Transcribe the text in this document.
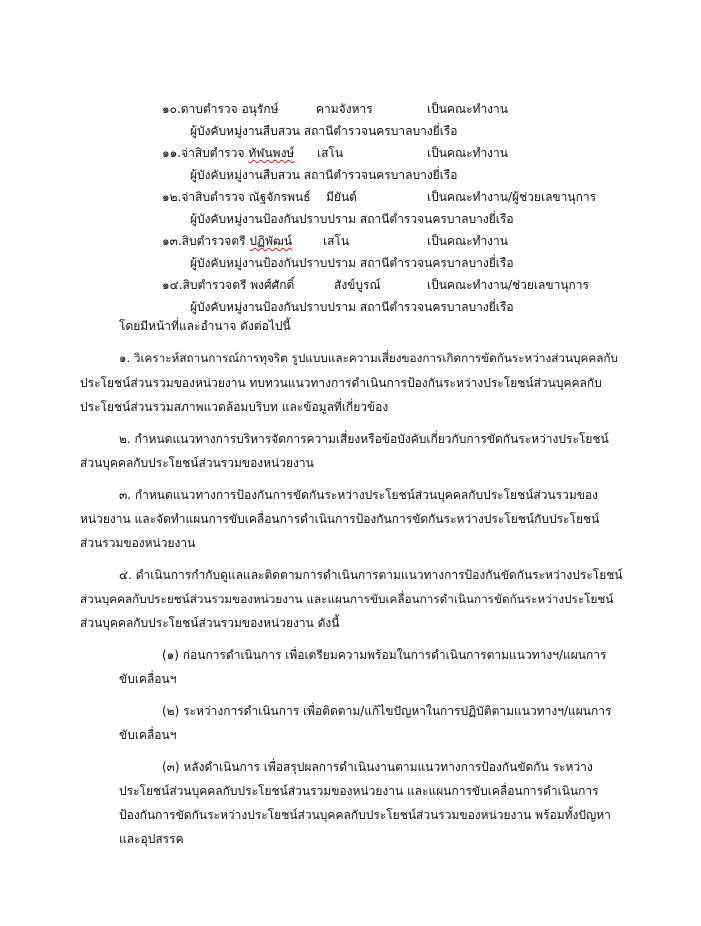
๑๐.ดาบตำรวจ อนุรักษ์	คามจังหาร	เป็นคณะทำงาน
ผู้บังคับหมู่งานสืบสวน สถานีตำรวจนครบาลบางยี่เรือ
๑๑.จ่าสิบตำรวจ ทัฬนพงษ์ เสโน	เป็นคณะทำงาน
ผู้บังคับหมู่งานสืบสวน สถานีตำรวจนครบาลบางยี่เรือ
๑๒.จ่าสิบตำรวจ ณัฐจักรพนธ์ มียันต์	เป็นคณะทำงาน/ผู้ช่วยเลขานุการ
ผู้บังคับหมู่งานป้องกันปราบปราม สถานีตำรวจนครบาลบางยี่เรือ
๑๓.สิบตำรวจตรี ปฏิพัฒน์	เสโน	เป็นคณะทำงาน
ผู้บังคับหมู่งานป้องกันปราบปราม สถานีตำรวจนครบาลบางยี่เรือ
๑๔.สิบตำรวจตรี พงศ์ศักดิ์	สังข์บูรณ์	เป็นคณะทำงาน/ช่วยเลขานุการ
ผู้บังคับหมู่งานป้องกันปราบปราม สถานีตำรวจนครบาลบางยี่เรือ
โดยมีหน้าที่และอำนาจ ดังต่อไปนี้
๑. วิเคราะห์สถานการณ์การทุจริต รูปแบบและความเสี่ยงของการเกิดการขัดกันระหว่างส่วนบุคคลกับ
ประโยชน์ส่วนรวมของหน่วยงาน ทบทวนแนวทางการดำเนินการป้องกันระหว่างประโยชน์ส่วนบุคคลกับ
ประโยชน์ส่วนรวมสภาพแวดล้อมบริบท และข้อมูลที่เกี่ยวข้อง
๒. กำหนดแนวทางการบริหารจัดการความเสี่ยงหรือข้อบังคับเกี่ยวกับการขัดกันระหว่างประโยชน์
ส่วนบุคคลกับประโยชน์ส่วนรวมของหน่วยงาน
๓. กำหนดแนวทางการป้องกันการขัดกันระหว่างประโยชน์ส่วนบุคคลกับประโยชน์ส่วนรวมของ
หน่วยงาน และจัดทำแผนการขับเคลื่อนการดำเนินการป้องกันการขัดกันระหว่างประโยชน์กับประโยชน์
ส่วนรวมของหน่วยงาน
๔. ดำเนินการกำกับดูแลและติดตามการดำเนินการตามแนวทางการป้องกันขัดกันระหว่างประโยชน์
ส่วนบุคคลกับประยชน์ส่วนรวมของหน่วยงาน และแผนการขับเคลื่อนการดำเนินการขัดกันระหว่างประโยชน์
ส่วนบุคคลกับประโยชน์ส่วนรวมของหน่วยงาน ดังนี้
(๑) ก่อนการดำเนินการ เพื่อเตรียมความพร้อมในการดำเนินการตามแนวทางฯ/แผนการ
ขับเคลื่อนฯ
(๒) ระหว่างการดำเนินการ เพื่อติดตาม/แก้ไขปัญหาในการปฏิบัติตามแนวทางฯ/แผนการ
ขับเคลื่อนฯ
(๓) หลังดำเนินการ เพื่อสรุปผลการดำเนินงานตามแนวทางการป้องกันขัดกัน ระหว่าง
ประโยชน์ส่วนบุคคลกับประโยชน์ส่วนรวมของหน่วยงาน และแผนการขับเคลื่อนการดำเนินการ
ป้องกันการขัดกันระหว่างประโยชน์ส่วนบุคคลกับประโยชน์ส่วนรวมของหน่วยงาน พร้อมทั้งปัญหา
และอุปสรรค
